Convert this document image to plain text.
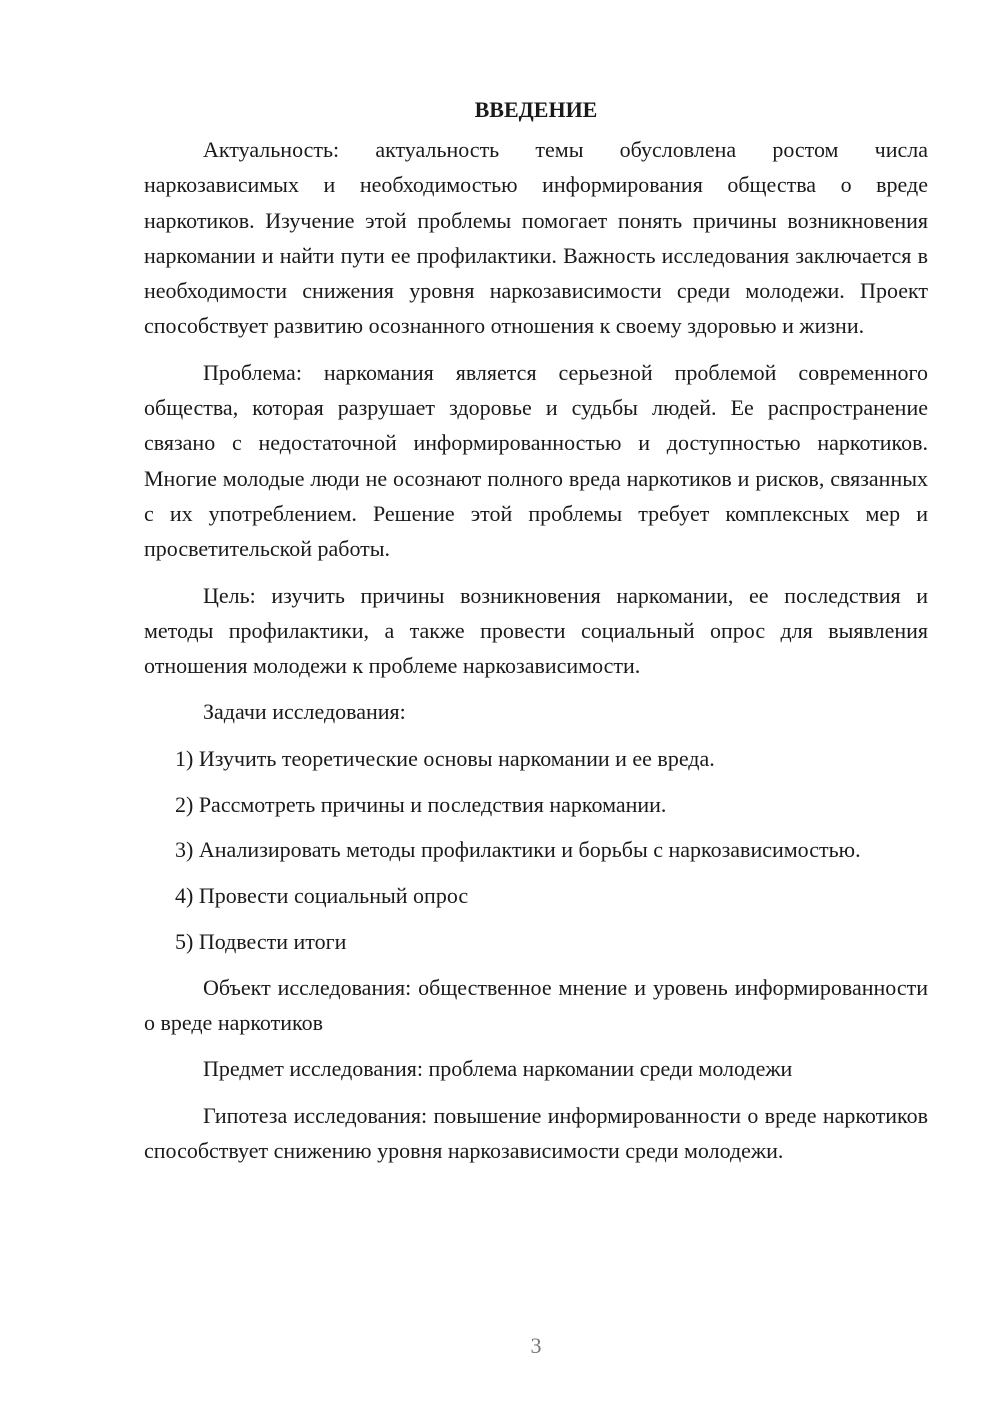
ВВЕДЕНИЕ

Актуальность: актуальность темы обусловлена ростом числа наркозависимых и необходимостью информирования общества о вреде наркотиков. Изучение этой проблемы помогает понять причины возникновения наркомании и найти пути ее профилактики. Важность исследования заключается в необходимости снижения уровня наркозависимости среди молодежи. Проект способствует развитию осознанного отношения к своему здоровью и жизни.

Проблема: наркомания является серьезной проблемой современного общества, которая разрушает здоровье и судьбы людей. Ее распространение связано с недостаточной информированностью и доступностью наркотиков. Многие молодые люди не осознают полного вреда наркотиков и рисков, связанных с их употреблением. Решение этой проблемы требует комплексных мер и просветительской работы.

Цель: изучить причины возникновения наркомании, ее последствия и методы профилактики, а также провести социальный опрос для выявления отношения молодежи к проблеме наркозависимости.

Задачи исследования:

1) Изучить теоретические основы наркомании и ее вреда.

2) Рассмотреть причины и последствия наркомании.

3) Анализировать методы профилактики и борьбы с наркозависимостью.

4) Провести социальный опрос

5) Подвести итоги

Объект исследования: общественное мнение и уровень информированности о вреде наркотиков

Предмет исследования: проблема наркомании среди молодежи

Гипотеза исследования: повышение информированности о вреде наркотиков способствует снижению уровня наркозависимости среди молодежи.

3
